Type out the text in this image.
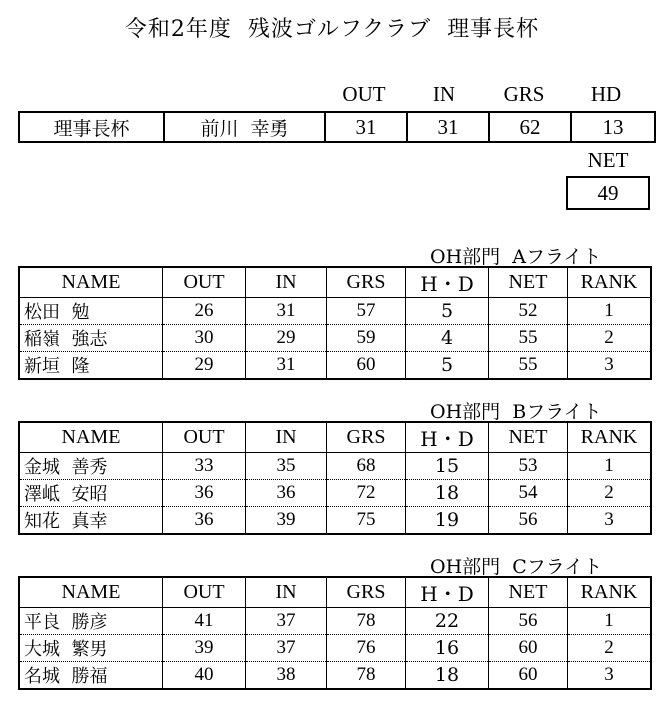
令和2年度  残波ゴルフクラブ  理事長杯
OUT	IN	GRS	HD
理事長杯	前川  幸勇	31	31	62	13
NET
49
OH部門  Aフライト
NAME	OUT	IN	GRS	H・D	NET	RANK
松田  勉	26	31	57	5	52	1
稲嶺  強志	30	29	59	4	55	2
新垣  隆	29	31	60	5	55	3
OH部門  Bフライト
NAME	OUT	IN	GRS	H・D	NET	RANK
金城  善秀	33	35	68	15	53	1
澤岻  安昭	36	36	72	18	54	2
知花  真幸	36	39	75	19	56	3
OH部門  Cフライト
NAME	OUT	IN	GRS	H・D	NET	RANK
平良  勝彦	41	37	78	22	56	1
大城  繁男	39	37	76	16	60	2
名城  勝福	40	38	78	18	60	3
